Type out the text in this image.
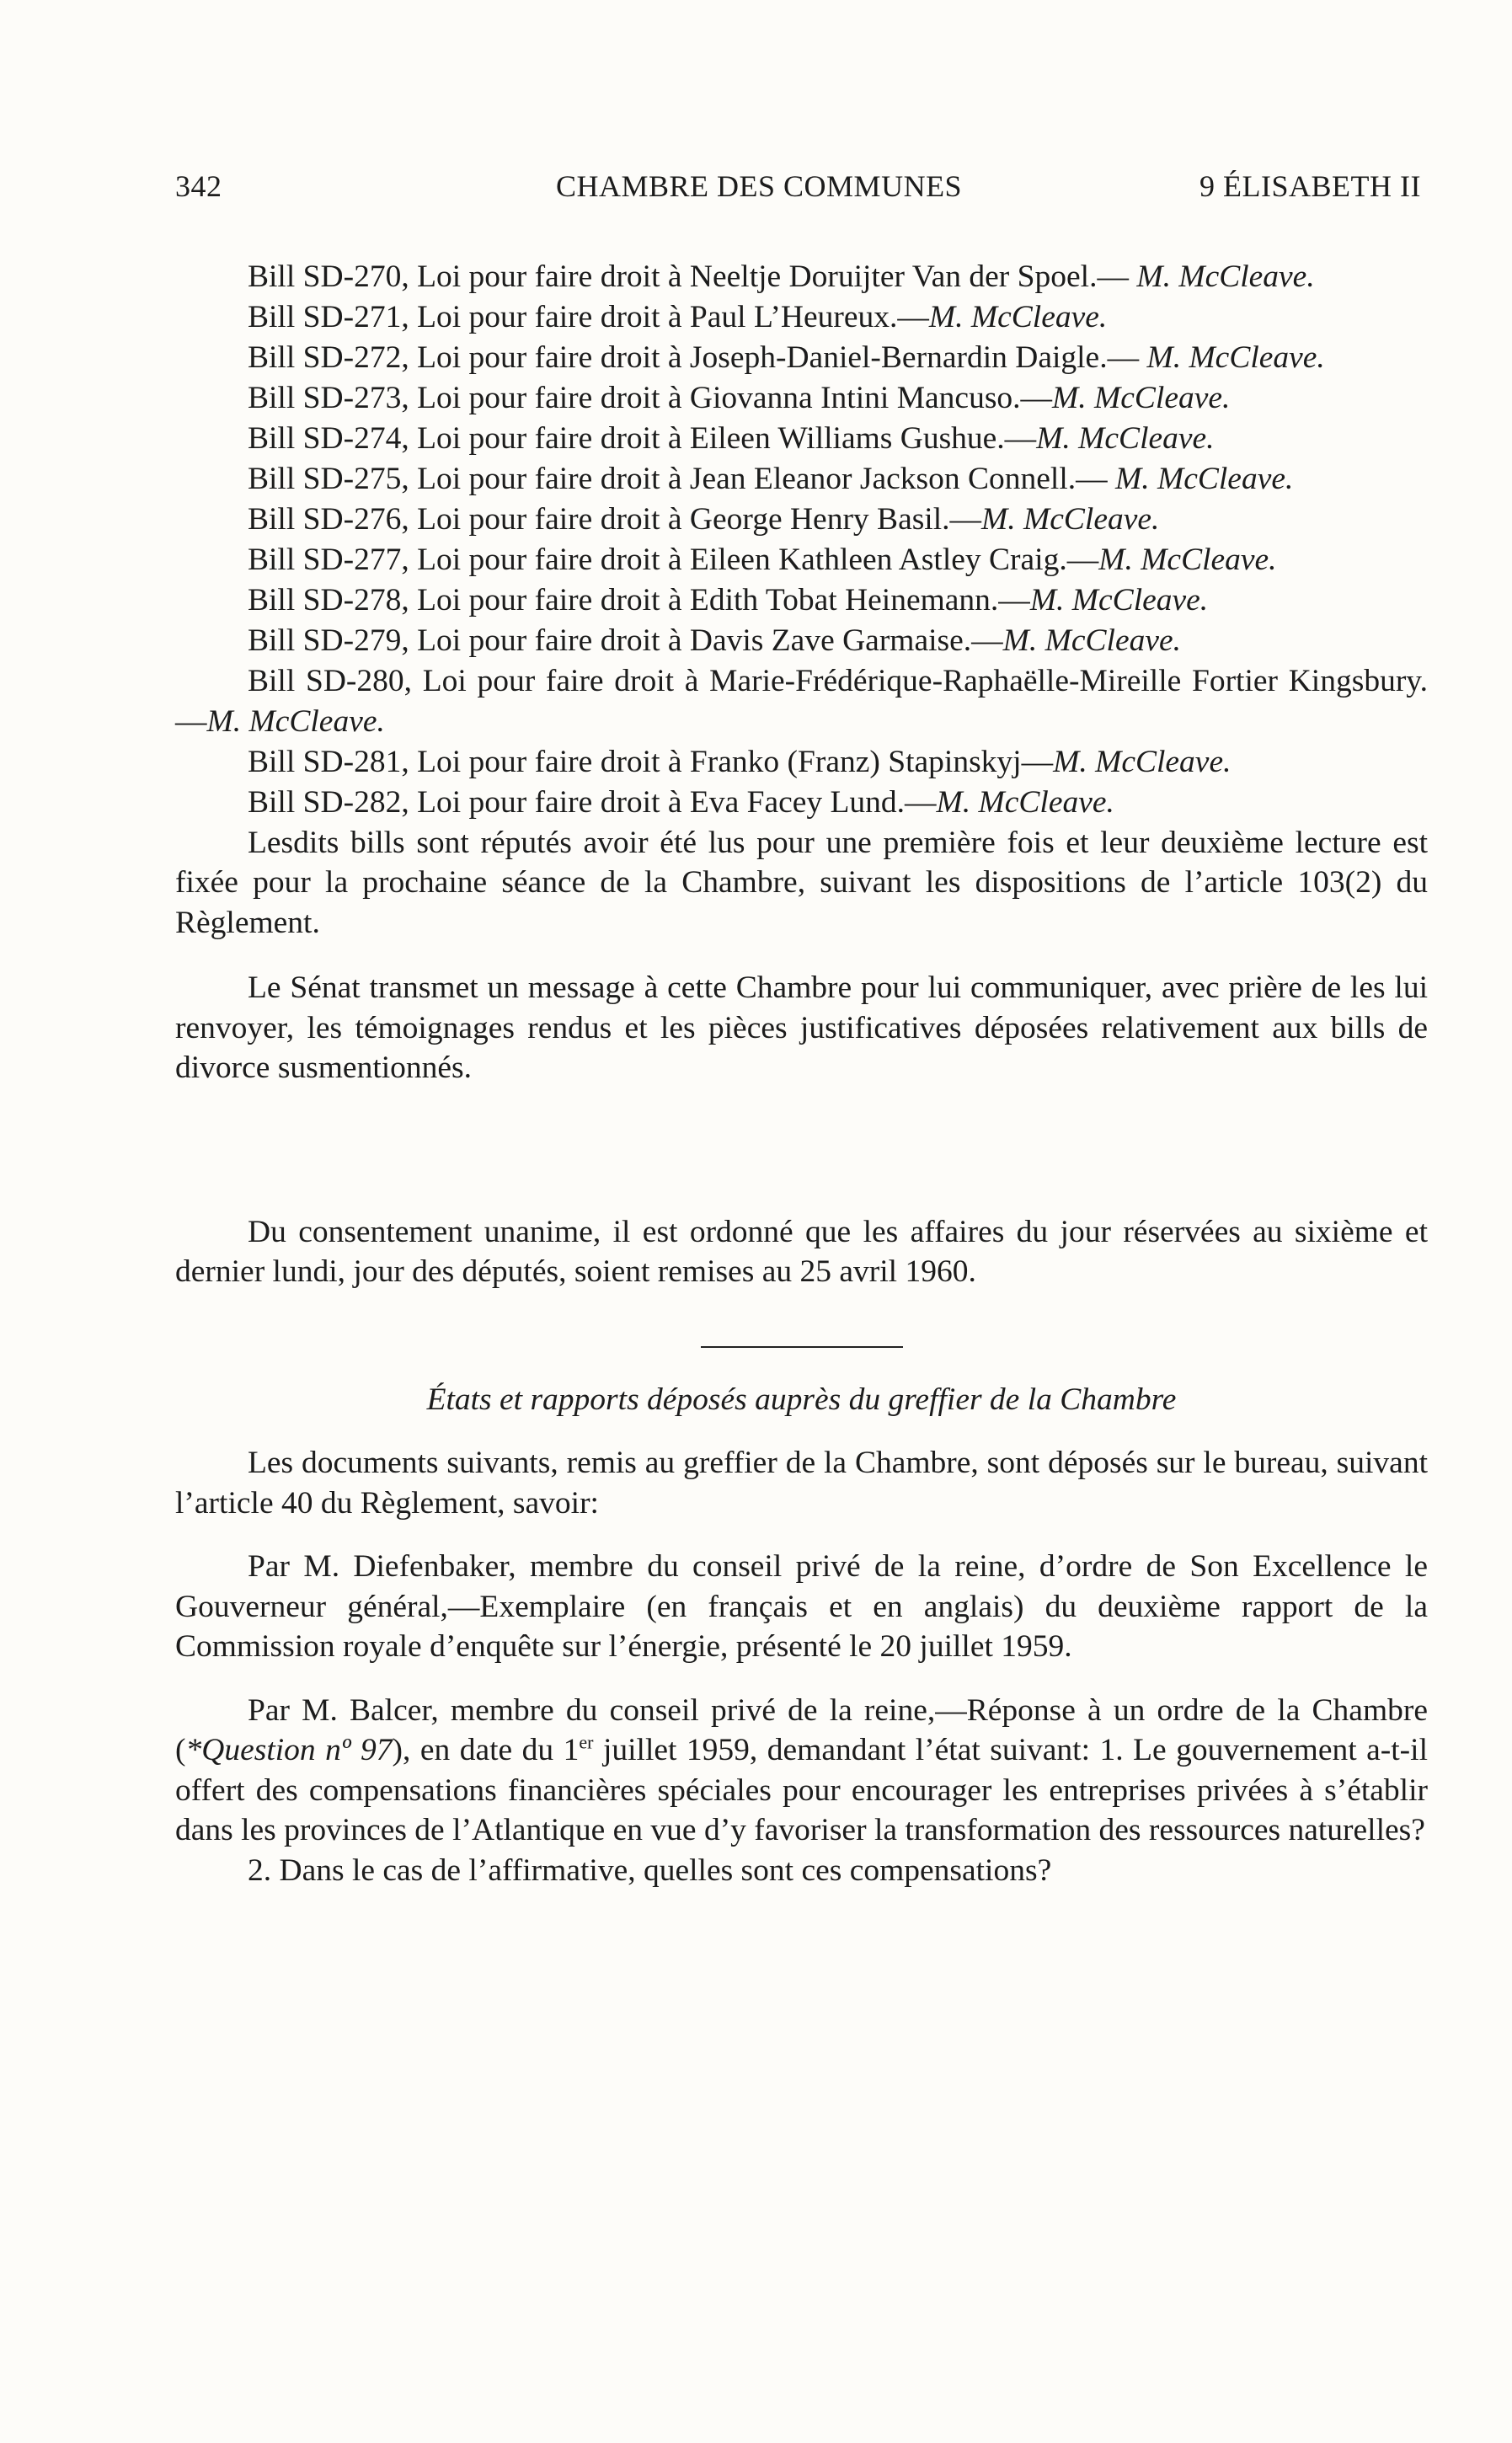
342	CHAMBRE DES COMMUNES	9 ÉLISABETH II

Bill SD-270, Loi pour faire droit à Neeltje Doruijter Van der Spoel.— M. McCleave.

Bill SD-271, Loi pour faire droit à Paul L’Heureux.—M. McCleave.

Bill SD-272, Loi pour faire droit à Joseph-Daniel-Bernardin Daigle.— M. McCleave.

Bill SD-273, Loi pour faire droit à Giovanna Intini Mancuso.—M. McCleave.

Bill SD-274, Loi pour faire droit à Eileen Williams Gushue.—M. McCleave.

Bill SD-275, Loi pour faire droit à Jean Eleanor Jackson Connell.— M. McCleave.

Bill SD-276, Loi pour faire droit à George Henry Basil.—M. McCleave.

Bill SD-277, Loi pour faire droit à Eileen Kathleen Astley Craig.—M. McCleave.

Bill SD-278, Loi pour faire droit à Edith Tobat Heinemann.—M. McCleave.

Bill SD-279, Loi pour faire droit à Davis Zave Garmaise.—M. McCleave.

Bill SD-280, Loi pour faire droit à Marie-Frédérique-Raphaëlle-Mireille Fortier Kingsbury.—M. McCleave.

Bill SD-281, Loi pour faire droit à Franko (Franz) Stapinskyj—M. McCleave.

Bill SD-282, Loi pour faire droit à Eva Facey Lund.—M. McCleave.

Lesdits bills sont réputés avoir été lus pour une première fois et leur deuxième lecture est fixée pour la prochaine séance de la Chambre, suivant les dispositions de l’article 103(2) du Règlement.

Le Sénat transmet un message à cette Chambre pour lui communiquer, avec prière de les lui renvoyer, les témoignages rendus et les pièces justificatives déposées relativement aux bills de divorce susmentionnés.

Du consentement unanime, il est ordonné que les affaires du jour réservées au sixième et dernier lundi, jour des députés, soient remises au 25 avril 1960.

États et rapports déposés auprès du greffier de la Chambre

Les documents suivants, remis au greffier de la Chambre, sont déposés sur le bureau, suivant l’article 40 du Règlement, savoir:

Par M. Diefenbaker, membre du conseil privé de la reine, d’ordre de Son Excellence le Gouverneur général,—Exemplaire (en français et en anglais) du deuxième rapport de la Commission royale d’enquête sur l’énergie, présenté le 20 juillet 1959.

Par M. Balcer, membre du conseil privé de la reine,—Réponse à un ordre de la Chambre (*Question nº 97), en date du 1er juillet 1959, demandant l’état suivant: 1. Le gouvernement a-t-il offert des compensations financières spéciales pour encourager les entreprises privées à s’établir dans les provinces de l’Atlantique en vue d’y favoriser la transformation des ressources naturelles?

2. Dans le cas de l’affirmative, quelles sont ces compensations?
